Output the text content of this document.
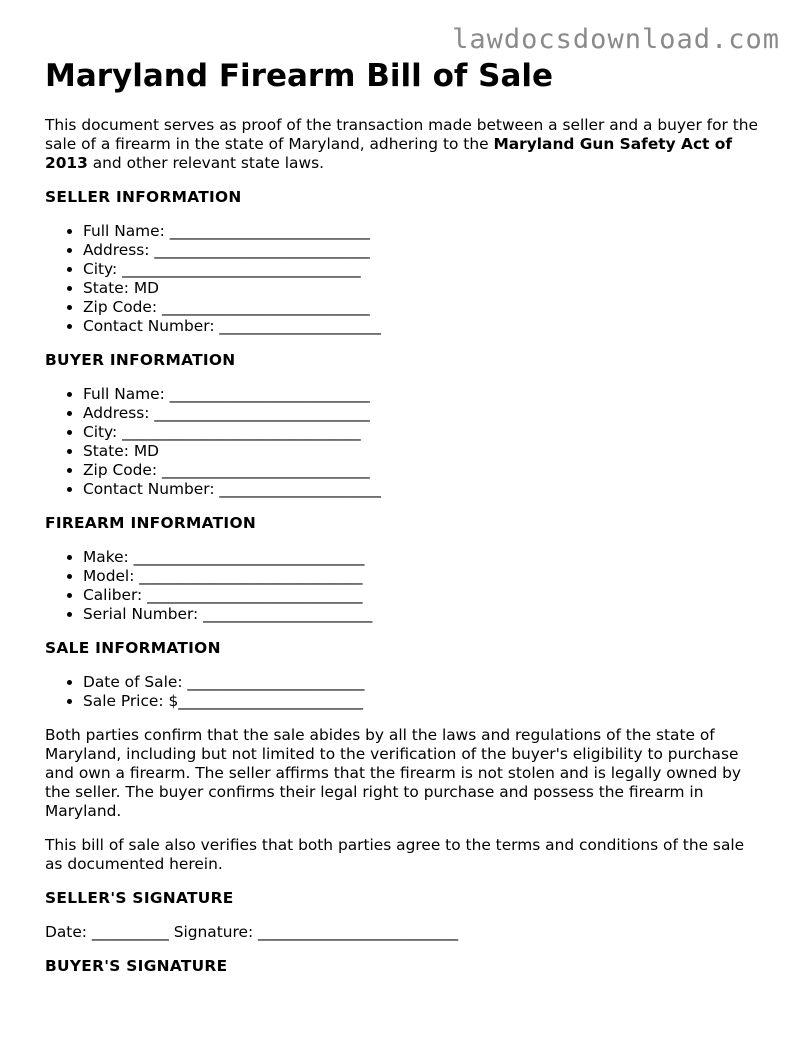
lawdocsdownload.com
Maryland Firearm Bill of Sale

This document serves as proof of the transaction made between a seller and a buyer for the sale of a firearm in the state of Maryland, adhering to the Maryland Gun Safety Act of 2013 and other relevant state laws.

SELLER INFORMATION
• Full Name: __________________________
• Address: ____________________________
• City: _______________________________
• State: MD
• Zip Code: ___________________________
• Contact Number: _____________________
BUYER INFORMATION
• Full Name: __________________________
• Address: ____________________________
• City: _______________________________
• State: MD
• Zip Code: ___________________________
• Contact Number: _____________________
FIREARM INFORMATION
• Make: ______________________________
• Model: _____________________________
• Caliber: ____________________________
• Serial Number: ______________________
SALE INFORMATION
• Date of Sale: _______________________
• Sale Price: $________________________

Both parties confirm that the sale abides by all the laws and regulations of the state of Maryland, including but not limited to the verification of the buyer's eligibility to purchase and own a firearm. The seller affirms that the firearm is not stolen and is legally owned by the seller. The buyer confirms their legal right to purchase and possess the firearm in Maryland.

This bill of sale also verifies that both parties agree to the terms and conditions of the sale as documented herein.

SELLER'S SIGNATURE
Date: __________ Signature: __________________________
BUYER'S SIGNATURE
